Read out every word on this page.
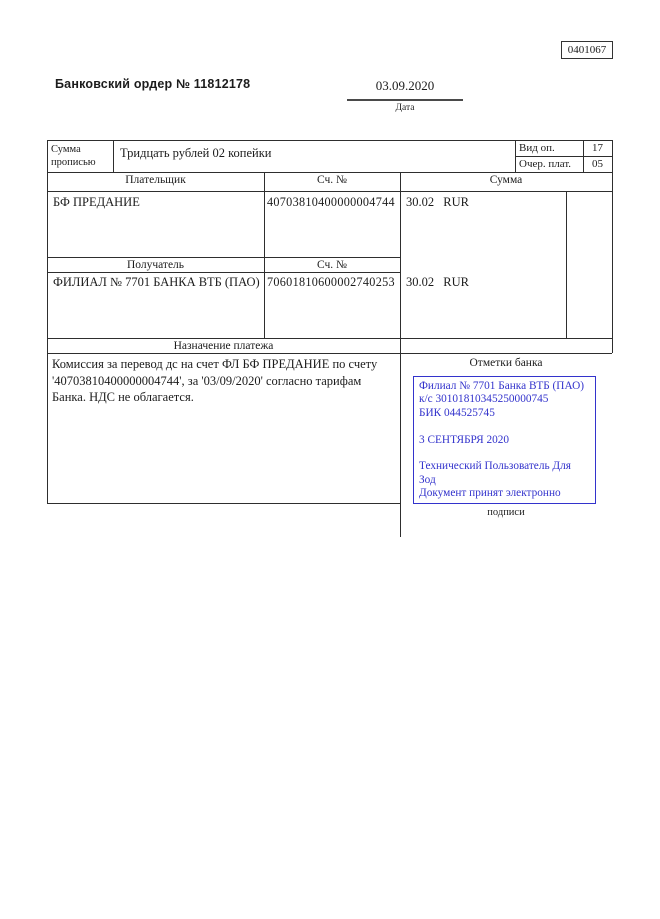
0401067
Банковский ордер № 11812178	03.09.2020
Дата
Сумма прописью
Тридцать рублей 02 копейки	Вид оп.	17
Очер. плат.	05
Плательщик	Сч. №	Сумма
БФ ПРЕДАНИЕ	40703810400000004744 30.02 RUR
Получатель	Сч. №
ФИЛИАЛ № 7701 БАНКА ВТБ (ПАО) 70601810600002740253 30.02 RUR
Назначение платежа
Комиссия за перевод дс на счет ФЛ БФ ПРЕДАНИЕ по счету '40703810400000004744', за '03/09/2020' согласно тарифам Банка. НДС не облагается.
Отметки банка
Филиал № 7701 Банка ВТБ (ПАО)
к/с 30101810345250000745
БИК 044525745
3 СЕНТЯБРЯ 2020
Технический Пользователь Для
Зод
Документ принят электронно
подписи
